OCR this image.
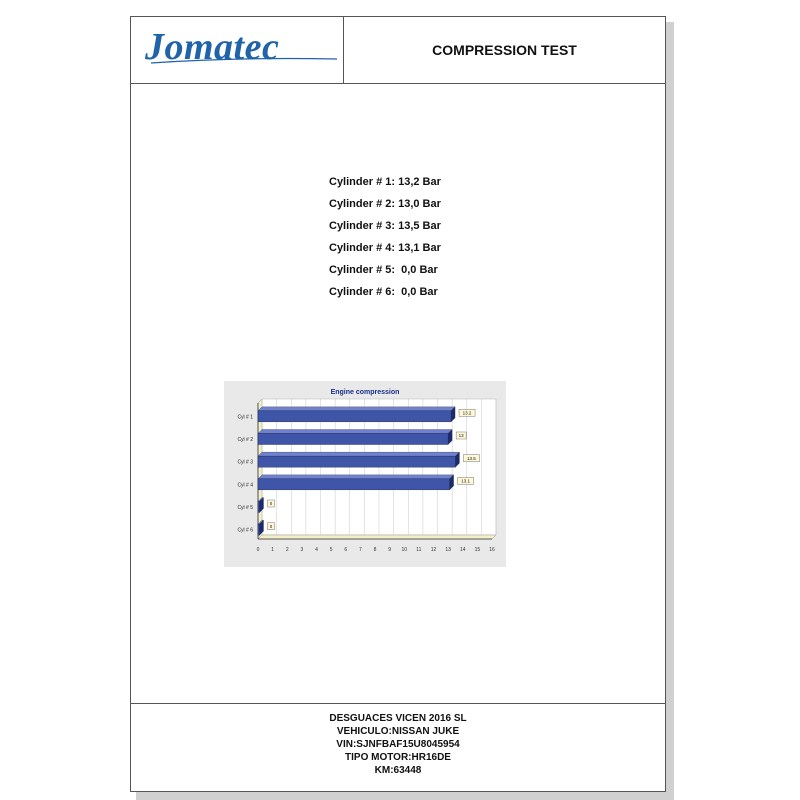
Jomatec	COMPRESSION TEST
Cylinder # 1: 13,2 Bar
Cylinder # 2: 13,0 Bar
Cylinder # 3: 13,5 Bar
Cylinder # 4: 13,1 Bar
Cylinder # 5:  0,0 Bar
Cylinder # 6:  0,0 Bar
Engine compression
0 1 2 3 4 5 6 7 8 9 10 11 12 13 14 15 16
Cyl # 1
13.2
Cyl # 2
13
Cyl # 3
13.5
Cyl # 4
13.1
Cyl # 5
0
Cyl # 6
0
DESGUACES VICEN 2016 SL
VEHICULO:NISSAN JUKE
VIN:SJNFBAF15U8045954
TIPO MOTOR:HR16DE
KM:63448
